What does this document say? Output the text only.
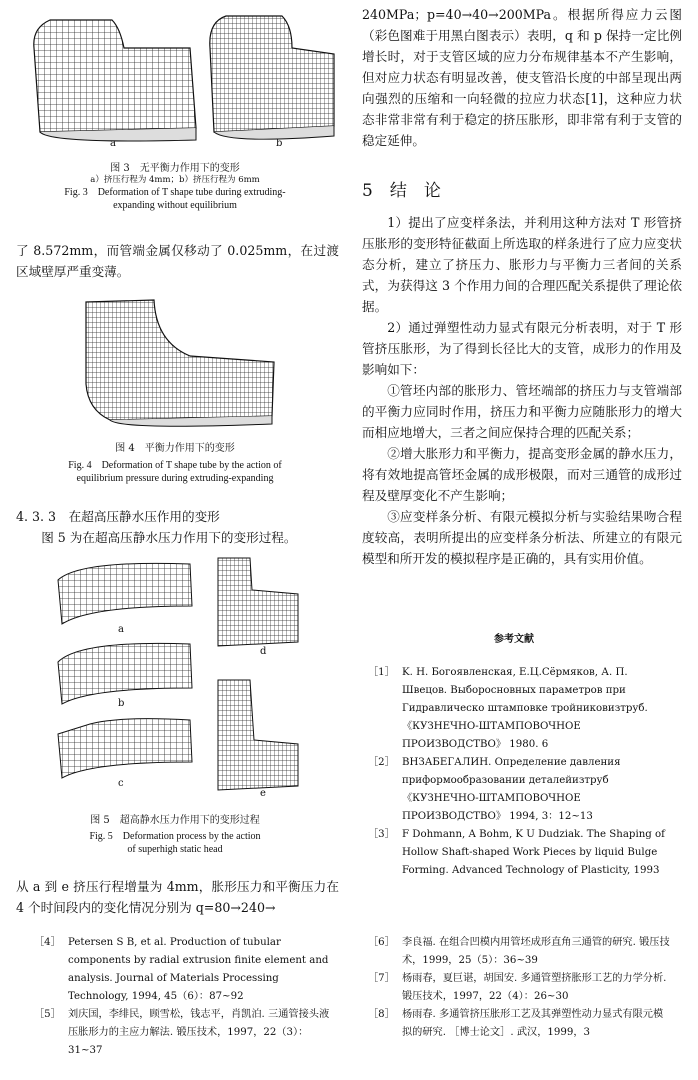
a	b
图 3　无平衡力作用下的变形
a）挤压行程为 4mm；b）挤压行程为 6mm
Fig. 3　Deformation of T shape tube during extruding-
expanding without equilibrium

了 8.572mm，而管端金属仅移动了 0.025mm，在过渡区域壁厚严重变薄。

图 4　平衡力作用下的变形
Fig. 4　Deformation of T shape tube by the action of
equilibrium pressure during extruding-expanding

4. 3. 3　在超高压静水压作用的变形

图 5 为在超高压静水压力作用下的变形过程。

a
b
c
d
e
图 5　超高静水压力作用下的变形过程
Fig. 5　Deformation process by the action
of superhigh static head

从 a 到 e 挤压行程增量为 4mm，胀形压力和平衡压力在 4 个时间段内的变化情况分别为 q=80→240→

240MPa；p=40→40→200MPa。根据所得应力云图（彩色图难于用黑白图表示）表明，q 和 p 保持一定比例增长时，对于支管区域的应力分布规律基本不产生影响，但对应力状态有明显改善，使支管沿长度的中部呈现出两向强烈的压缩和一向轻微的拉应力状态[1]，这种应力状态非常非常有利于稳定的挤压胀形，即非常有利于支管的稳定延伸。

5　结　论

1）提出了应变样条法，并利用这种方法对 T 形管挤压胀形的变形特征截面上所选取的样条进行了应力应变状态分析，建立了挤压力、胀形力与平衡力三者间的关系式，为获得这 3 个作用力间的合理匹配关系提供了理论依据。

2）通过弹塑性动力显式有限元分析表明，对于 T 形管挤压胀形，为了得到长径比大的支管，成形力的作用及影响如下：

①管坯内部的胀形力、管坯端部的挤压力与支管端部的平衡力应同时作用，挤压力和平衡力应随胀形力的增大而相应地增大，三者之间应保持合理的匹配关系；

②增大胀形力和平衡力，提高变形金属的静水压力，将有效地提高管坯金属的成形极限，而对三通管的成形过程及壁厚变化不产生影响；

③应变样条分析、有限元模拟分析与实验结果吻合程度较高，表明所提出的应变样条分析法、所建立的有限元模型和所开发的模拟程序是正确的，具有实用价值。

参考文献
［1］ K. H. Богоявленская, Е.Ц.Сёрмяков, А. П. Швецов. Выборосновных параметров при Гидравлическо штамповке тройниковизтруб. 《КУЗНЕЧНО-ШТАМПОВОЧНОЕ ПРОИЗВОДСТВО》 1980. 6
［2］ ВНЗАБЕГАЛИН. Определение давления приформообразовании деталейизтруб《КУЗНЕЧНО-ШТАМПОВОЧНОЕ ПРОИЗВОДСТВО》 1994, 3：12~13
［3］ F Dohmann, A Bohm, K U Dudziak. The Shaping of Hollow Shaft-shaped Work Pieces by liquid Bulge Forming. Advanced Technology of Plasticity, 1993
［4］ Petersen S B, et al. Production of tubular components by radial extrusion finite element and analysis. Journal of Materials Processing Technology, 1994, 45（6）：87~92
［5］ 刘庆国，李绯民，顾雪松，钱志平，肖凯泊. 三通管接头液压胀形力的主应力解法. 锻压技术，1997，22（3）：31~37
［6］ 李良福. 在组合凹模内用管坯成形直角三通管的研究. 锻压技术，1999，25（5）：36~39
［7］ 杨雨春，夏巨谌，胡国安. 多通管塑挤胀形工艺的力学分析. 锻压技术，1997，22（4）：26~30
［8］ 杨雨春. 多通管挤压胀形工艺及其弹塑性动力显式有限元模拟的研究. ［博士论文］. 武汉，1999，3
